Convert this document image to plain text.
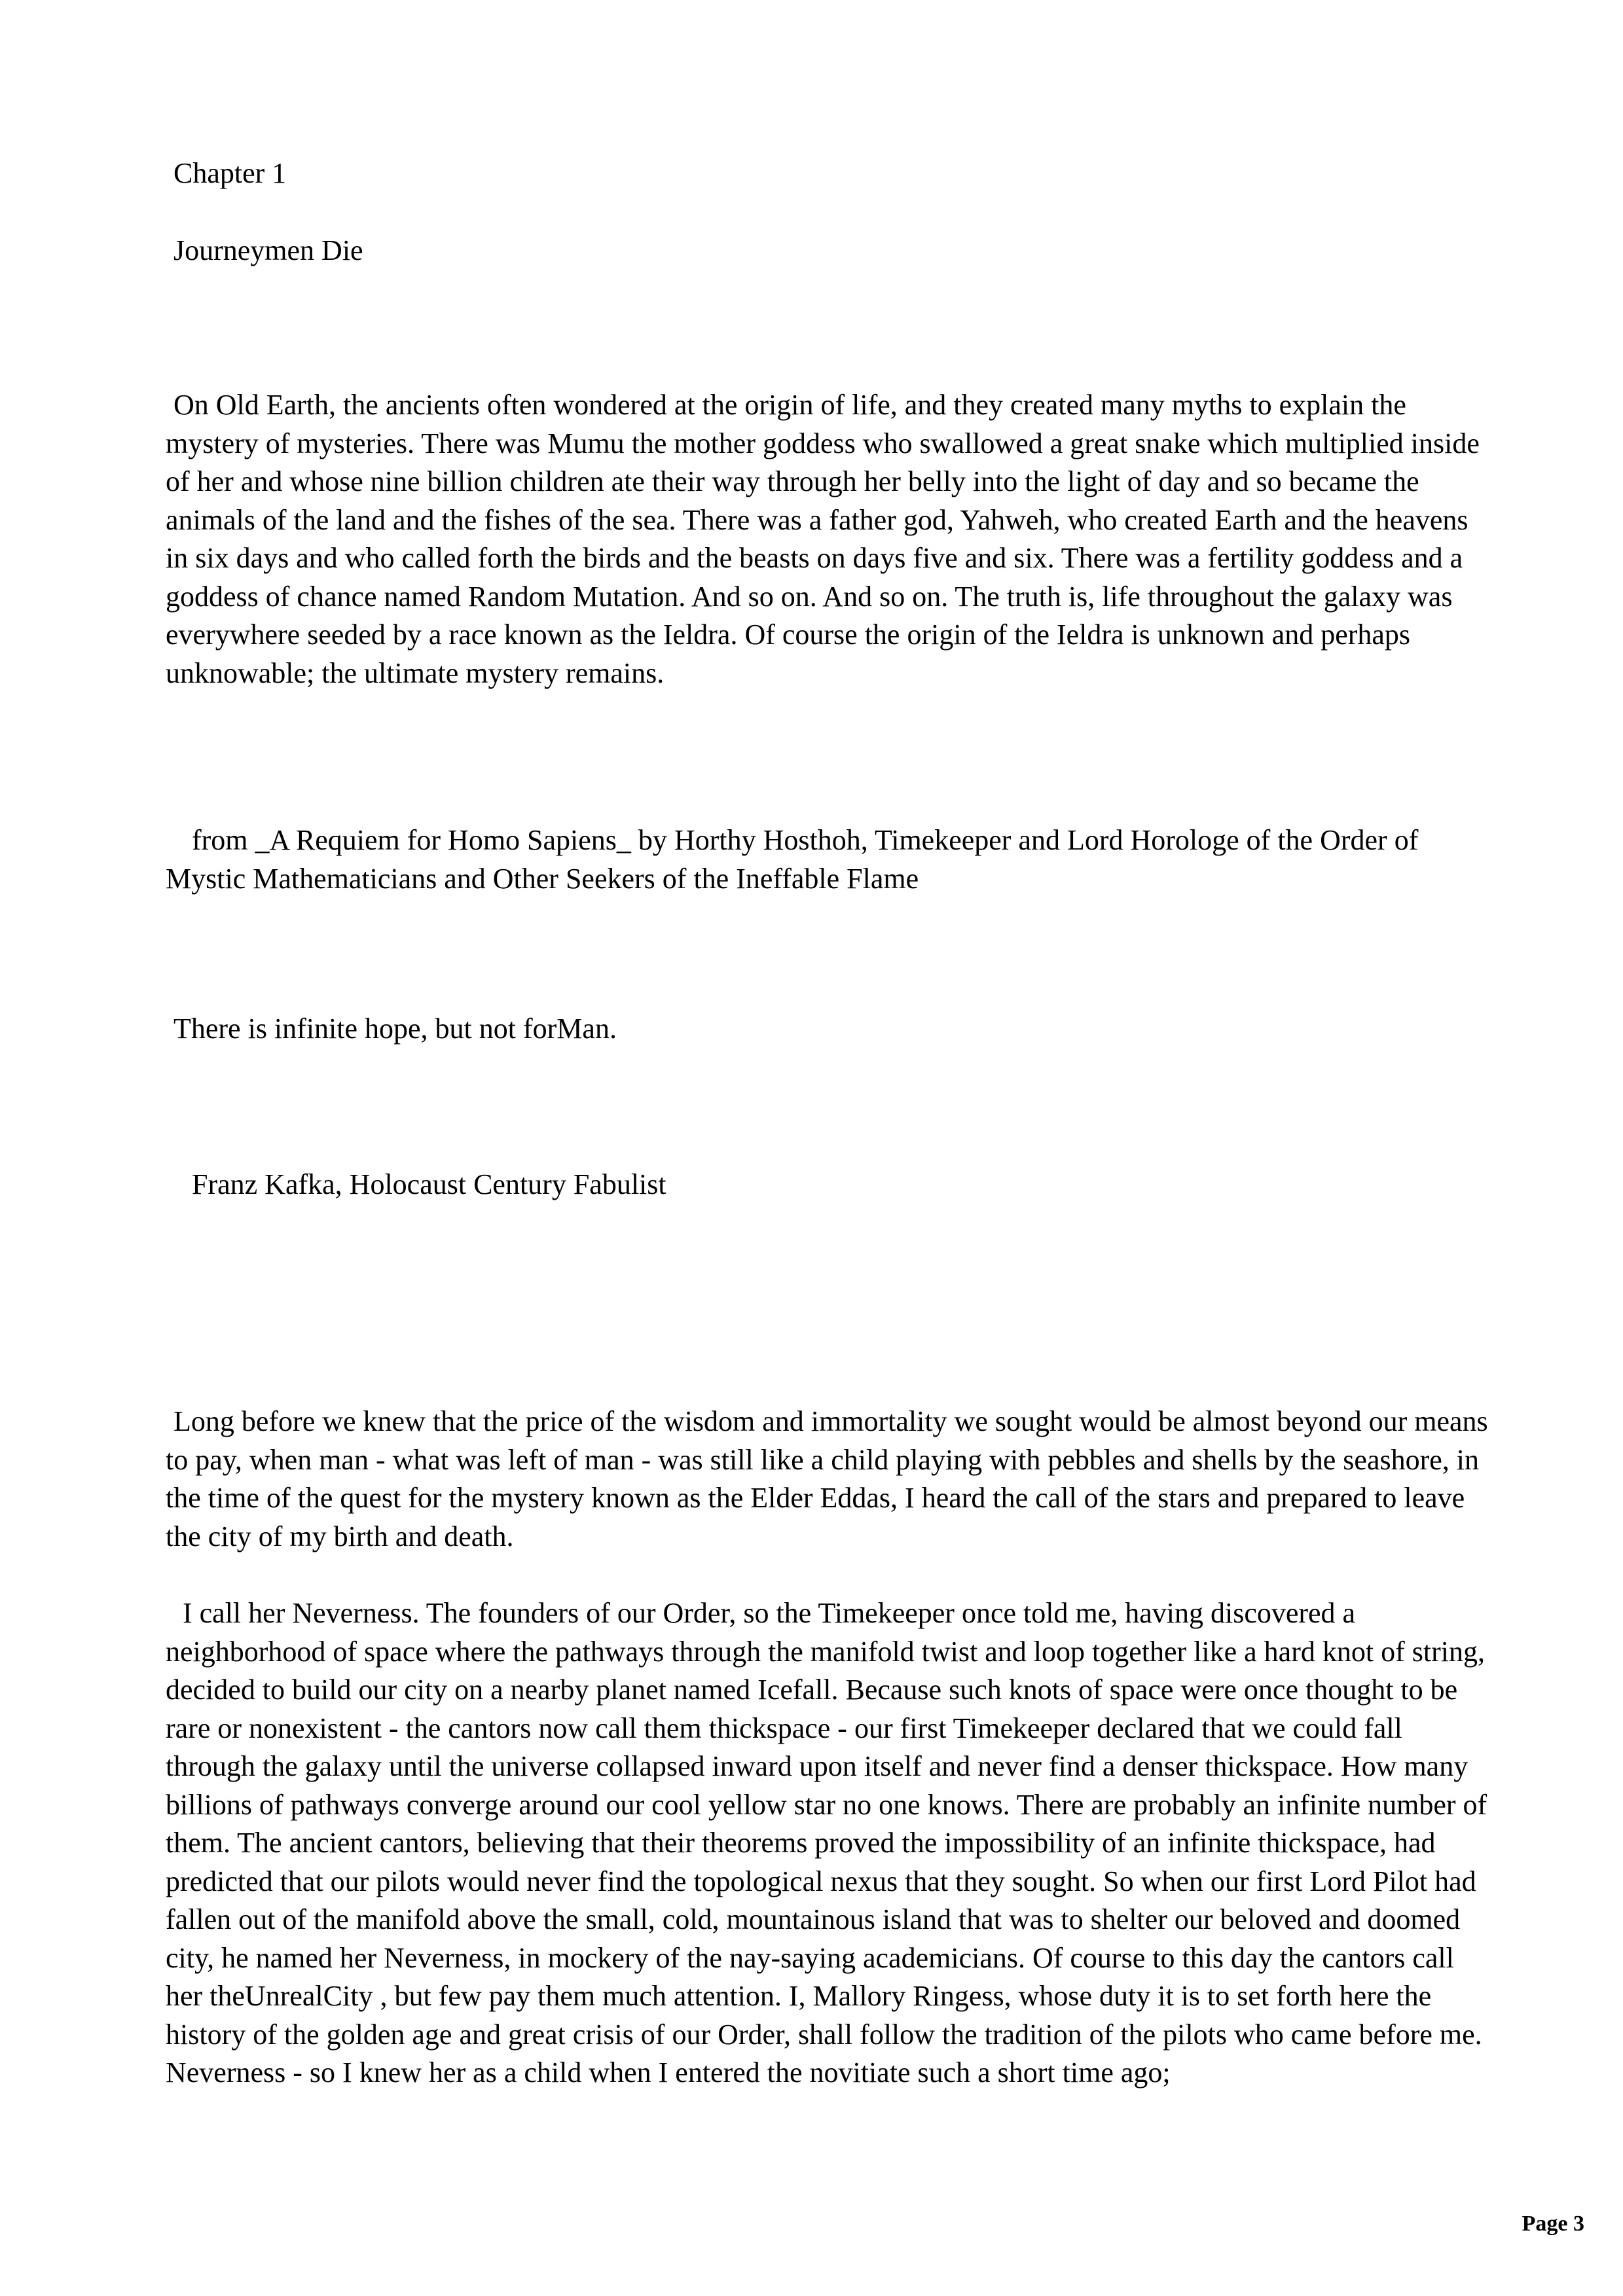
Chapter 1

Journeymen Die

On Old Earth, the ancients often wondered at the origin of life, and they created many myths to explain the mystery of mysteries. There was Mumu the mother goddess who swallowed a great snake which multiplied inside of her and whose nine billion children ate their way through her belly into the light of day and so became the animals of the land and the fishes of the sea. There was a father god, Yahweh, who created Earth and the heavens in six days and who called forth the birds and the beasts on days five and six. There was a fertility goddess and a goddess of chance named Random Mutation. And so on. And so on. The truth is, life throughout the galaxy was everywhere seeded by a race known as the Ieldra. Of course the origin of the Ieldra is unknown and perhaps unknowable; the ultimate mystery remains.

from _A Requiem for Homo Sapiens_ by Horthy Hosthoh, Timekeeper and Lord Horologe of the Order of Mystic Mathematicians and Other Seekers of the Ineffable Flame

There is infinite hope, but not forMan.

Franz Kafka, Holocaust Century Fabulist

Long before we knew that the price of the wisdom and immortality we sought would be almost beyond our means to pay, when man - what was left of man - was still like a child playing with pebbles and shells by the seashore, in the time of the quest for the mystery known as the Elder Eddas, I heard the call of the stars and prepared to leave the city of my birth and death.

I call her Neverness. The founders of our Order, so the Timekeeper once told me, having discovered a neighborhood of space where the pathways through the manifold twist and loop together like a hard knot of string, decided to build our city on a nearby planet named Icefall. Because such knots of space were once thought to be rare or nonexistent - the cantors now call them thickspace - our first Timekeeper declared that we could fall through the galaxy until the universe collapsed inward upon itself and never find a denser thickspace. How many billions of pathways converge around our cool yellow star no one knows. There are probably an infinite number of them. The ancient cantors, believing that their theorems proved the impossibility of an infinite thickspace, had predicted that our pilots would never find the topological nexus that they sought. So when our first Lord Pilot had fallen out of the manifold above the small, cold, mountainous island that was to shelter our beloved and doomed city, he named her Neverness, in mockery of the nay-saying academicians. Of course to this day the cantors call her theUnrealCity , but few pay them much attention. I, Mallory Ringess, whose duty it is to set forth here the history of the golden age and great crisis of our Order, shall follow the tradition of the pilots who came before me. Neverness - so I knew her as a child when I entered the novitiate such a short time ago;

Page 3
